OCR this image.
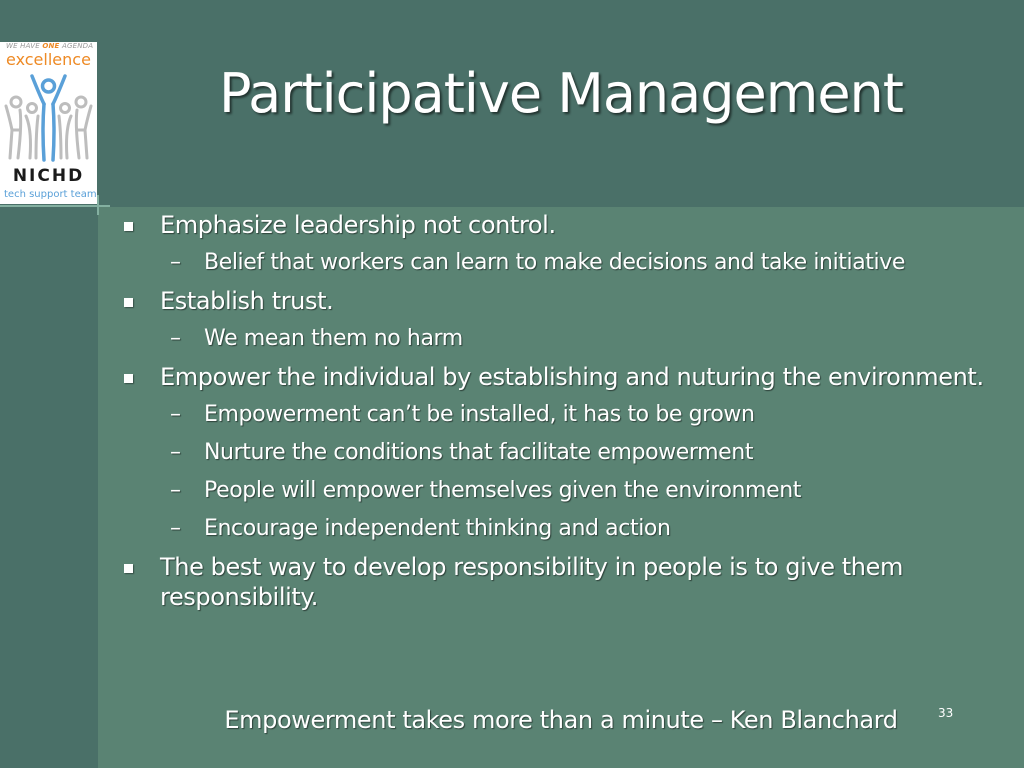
WE HAVE ONE AGENDA
excellence
NICHD
tech support team
Participative Management
Emphasize leadership not control.
– Belief that workers can learn to make decisions and take initiative
Establish trust.
– We mean them no harm
Empower the individual by establishing and nuturing the environment.
– Empowerment can’t be installed, it has to be grown
– Nurture the conditions that facilitate empowerment
– People will empower themselves given the environment
– Encourage independent thinking and action
The best way to develop responsibility in people is to give them responsibility.
Empowerment takes more than a minute – Ken Blanchard	33
